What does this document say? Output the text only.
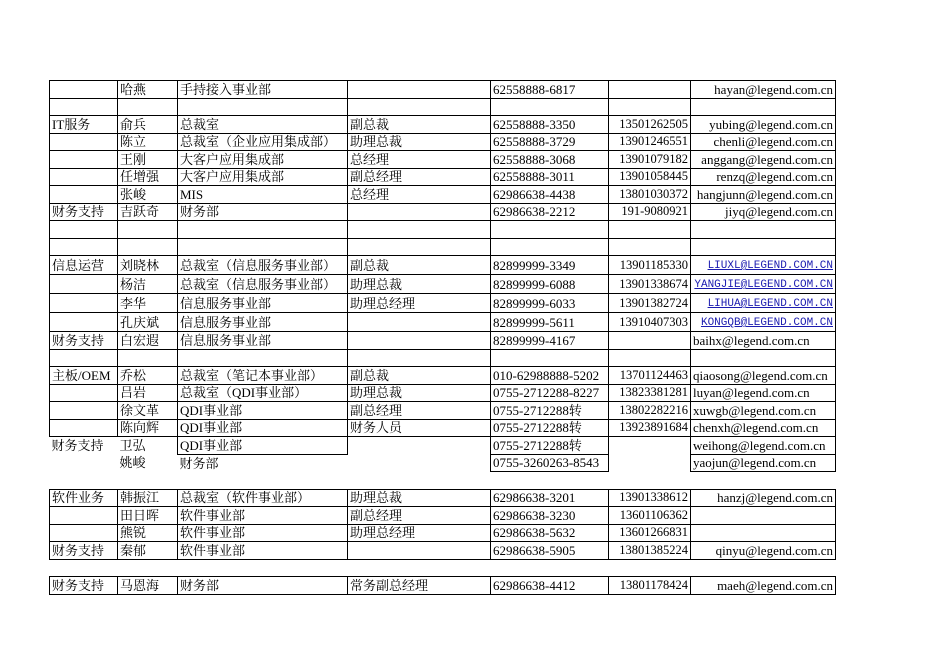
	哈燕	手持接入事业部		62558888-6817		hayan@legend.com.cn

IT服务	俞兵	总裁室	副总裁	62558888-3350	13501262505	yubing@legend.com.cn
	陈立	总裁室（企业应用集成部）	助理总裁	62558888-3729	13901246551	chenli@legend.com.cn
	王刚	大客户应用集成部	总经理	62558888-3068	13901079182	anggang@legend.com.cn
	任增强	大客户应用集成部	副总经理	62558888-3011	13901058445	renzq@legend.com.cn
	张峻	MIS	总经理	62986638-4438	13801030372	hangjunn@legend.com.cn
财务支持	吉跃奇	财务部		62986638-2212	191-9080921	jiyq@legend.com.cn

信息运营	刘晓林	总裁室（信息服务事业部）	副总裁	82899999-3349	13901185330	LIUXL@LEGEND.COM.CN
	杨洁	总裁室（信息服务事业部）	助理总裁	82899999-6088	13901338674	YANGJIE@LEGEND.COM.CN
	李华	信息服务事业部	助理总经理	82899999-6033	13901382724	LIHUA@LEGEND.COM.CN
	孔庆斌	信息服务事业部		82899999-5611	13910407303	KONGQB@LEGEND.COM.CN
财务支持	白宏遐	信息服务事业部		82899999-4167		baihx@legend.com.cn

主板/OEM	乔松	总裁室（笔记本事业部）	副总裁	010-62988888-5202	13701124463	qiaosong@legend.com.cn
	吕岩	总裁室（QDI事业部）	助理总裁	0755-2712288-8227	13823381281	luyan@legend.com.cn
	徐文革	QDI事业部	副总经理	0755-2712288转	13802282216	xuwgb@legend.com.cn
	陈向辉	QDI事业部	财务人员	0755-2712288转	13923891684	chenxh@legend.com.cn
财务支持	卫弘	QDI事业部		0755-2712288转		weihong@legend.com.cn
	姚峻	财务部		0755-3260263-8543		yaojun@legend.com.cn

软件业务	韩振江	总裁室（软件事业部）	助理总裁	62986638-3201	13901338612	hanzj@legend.com.cn
	田日晖	软件事业部	副总经理	62986638-3230	13601106362	
	熊锐	软件事业部	助理总经理	62986638-5632	13601266831	
财务支持	秦郁	软件事业部		62986638-5905	13801385224	qinyu@legend.com.cn

财务支持	马恩海	财务部	常务副总经理	62986638-4412	13801178424	maeh@legend.com.cn
